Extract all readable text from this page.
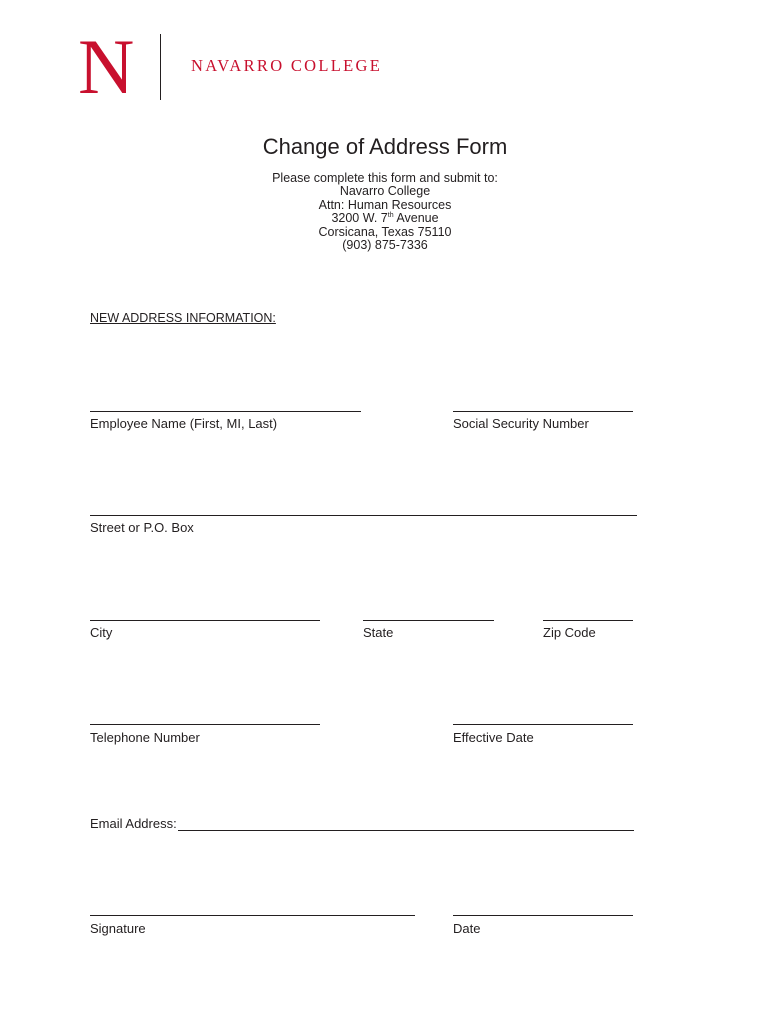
N	NAVARRO COLLEGE
Change of Address Form
Please complete this form and submit to:
Navarro College
Attn: Human Resources
3200 W. 7th Avenue
Corsicana, Texas 75110
(903) 875-7336
NEW ADDRESS INFORMATION:
Employee Name (First, MI, Last)	Social Security Number
Street or P.O. Box
City	State	Zip Code
Telephone Number	Effective Date
Email Address:
Signature	Date
